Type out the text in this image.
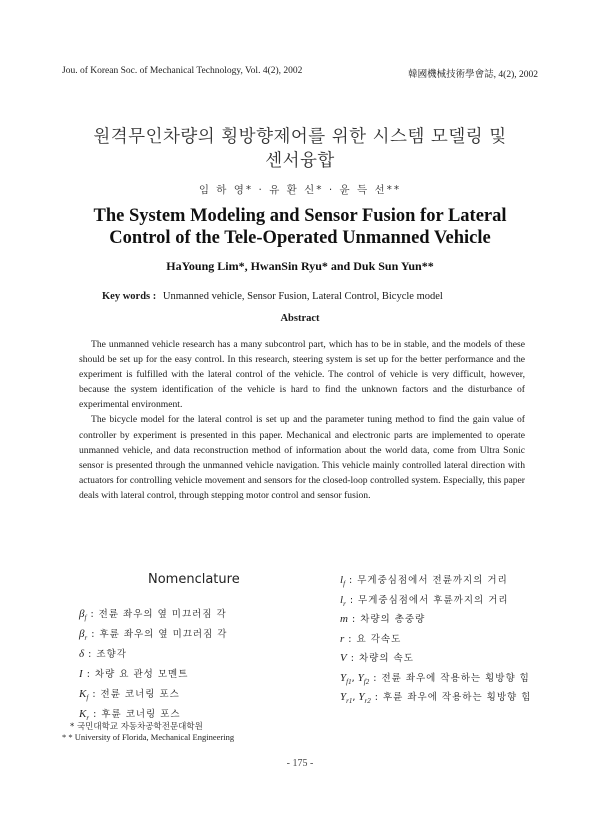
Jou. of Korean Soc. of Mechanical Technology, Vol. 4(2), 2002	韓國機械技術學會誌, 4(2), 2002
원격무인차량의 횡방향제어를 위한 시스템 모델링 및
센서융합
임 하 영* · 유 환 신* · 윤 득 선**
The System Modeling and Sensor Fusion for Lateral
Control of the Tele-Operated Unmanned Vehicle
HaYoung Lim*, HwanSin Ryu* and Duk Sun Yun**
Key words : Unmanned vehicle, Sensor Fusion, Lateral Control, Bicycle model
Abstract

The unmanned vehicle research has a many subcontrol part, which has to be in stable, and the models of these should be set up for the easy control. In this research, steering system is set up for the better performance and the experiment is fulfilled with the lateral control of the vehicle. The control of vehicle is very difficult, however, because the system identification of the vehicle is hard to find the unknown factors and the disturbance of experimental environment.

The bicycle model for the lateral control is set up and the parameter tuning method to find the gain value of controller by experiment is presented in this paper. Mechanical and electronic parts are implemented to operate unmanned vehicle, and data reconstruction method of information about the world data, come from Ultra Sonic sensor is presented through the unmanned vehicle navigation. This vehicle mainly controlled lateral direction with actuators for controlling vehicle movement and sensors for the closed-loop controlled system. Especially, this paper deals with lateral control, through stepping motor control and sensor fusion.

Nomenclature
$\beta_f$ : 전륜 좌우의 옆 미끄러짐 각
$\beta_r$ : 후륜 좌우의 옆 미끄러짐 각
δ : 조향각
I : 차량 요 관성 모멘트
$K_f$ : 전륜 코너링 포스
$K_r$ : 후륜 코너링 포스
$l_f$ : 무게중심점에서 전륜까지의 거리
$l_r$ : 무게중심점에서 후륜까지의 거리
m : 차량의 총중량
r : 요 각속도
V : 차량의 속도
$Y_{f1}$, $Y_{f2}$ : 전륜 좌우에 작용하는 횡방향 힘
$Y_{r1}$, $Y_{r2}$ : 후륜 좌우에 작용하는 횡방향 힘
* 국민대학교 자동차공학전문대학원
* * University of Florida, Mechanical Engineering
- 175 -
